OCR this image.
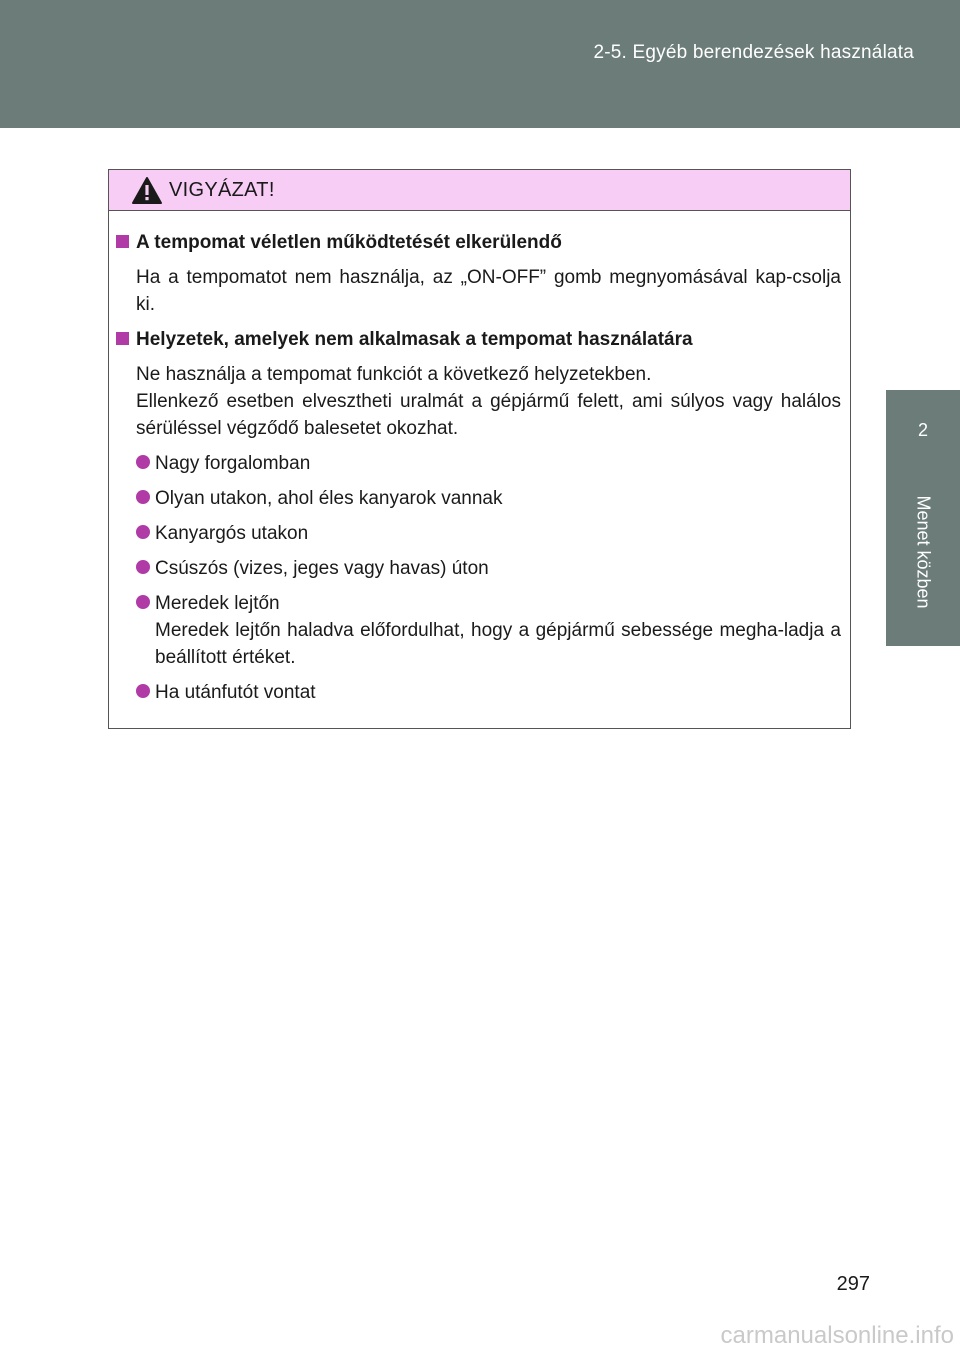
2-5. Egyéb berendezések használata
2
Menet közben
VIGYÁZAT!
A tempomat véletlen működtetését elkerülendő
Ha a tempomatot nem használja, az „ON-OFF” gomb megnyomásával kap-csolja ki.
Helyzetek, amelyek nem alkalmasak a tempomat használatára
Ne használja a tempomat funkciót a következő helyzetekben.
Ellenkező esetben elvesztheti uralmát a gépjármű felett, ami súlyos vagy halálos sérüléssel végződő balesetet okozhat.
Nagy forgalomban
Olyan utakon, ahol éles kanyarok vannak
Kanyargós utakon
Csúszós (vizes, jeges vagy havas) úton
Meredek lejtőn
Meredek lejtőn haladva előfordulhat, hogy a gépjármű sebessége megha-ladja a beállított értéket.
Ha utánfutót vontat
297
carmanualsonline.info
